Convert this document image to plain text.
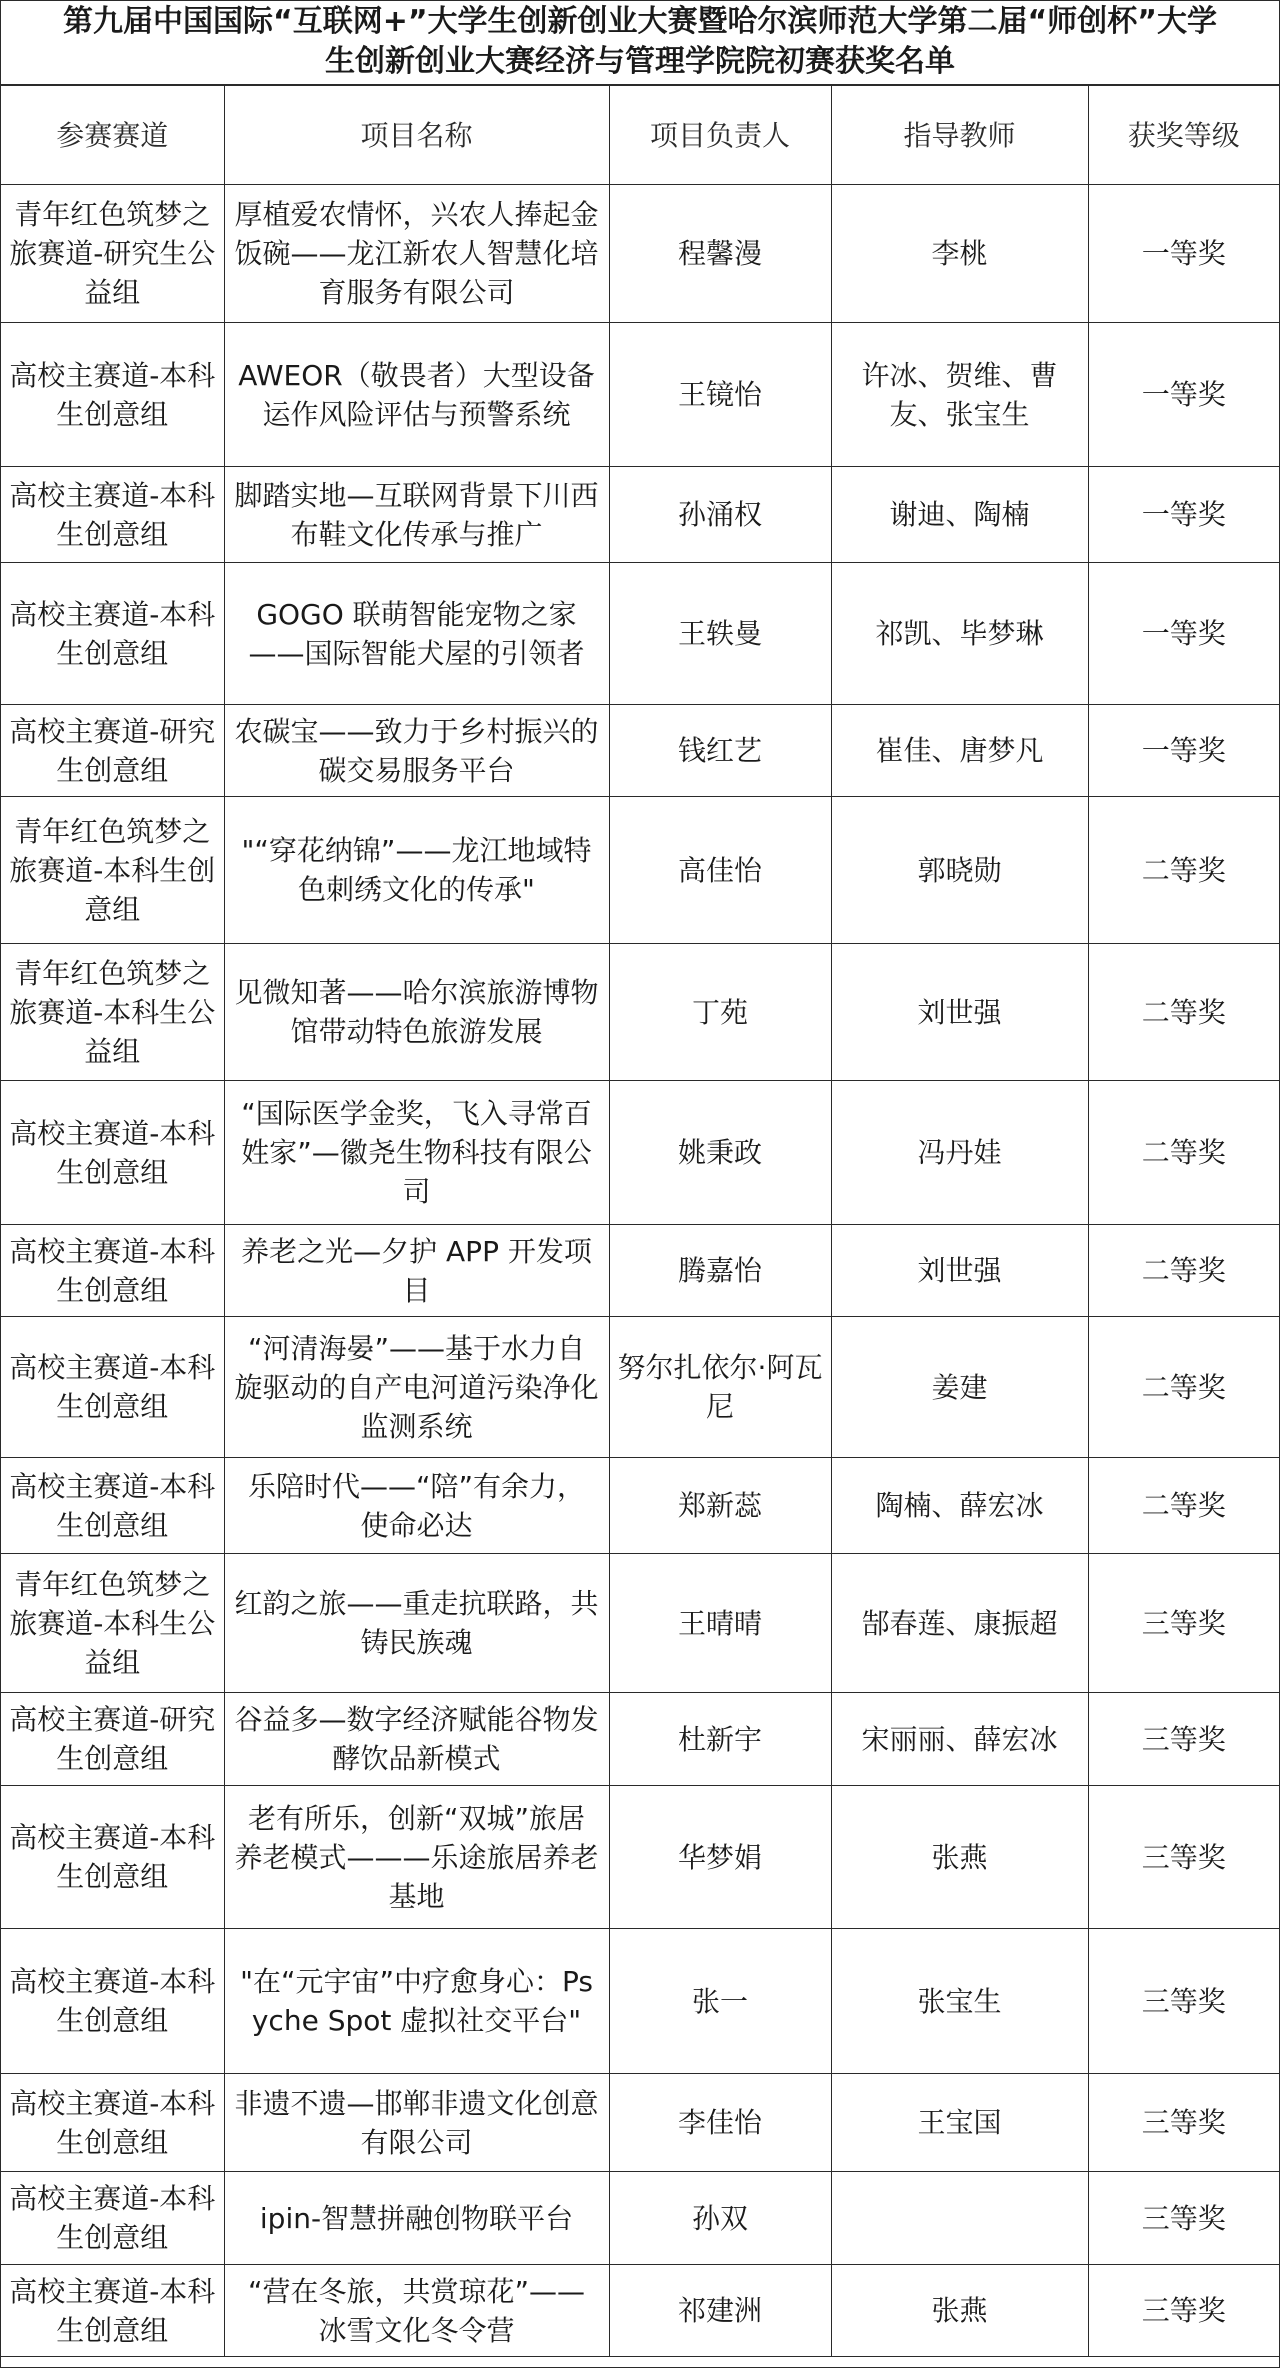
第九届中国国际“互联网+”大学生创新创业大赛暨哈尔滨师范大学第二届“师创杯”大学
生创新创业大赛经济与管理学院院初赛获奖名单
参赛赛道	项目名称	项目负责人	指导教师	获奖等级
青年红色筑梦之旅赛道-研究生公益组	厚植爱农情怀，兴农人捧起金饭碗——龙江新农人智慧化培育服务有限公司	程馨漫	李桃	一等奖
高校主赛道-本科生创意组	AWEOR（敬畏者）大型设备运作风险评估与预警系统	王镜怡	许冰、贺维、曹友、张宝生	一等奖
高校主赛道-本科生创意组	脚踏实地—互联网背景下川西布鞋文化传承与推广	孙涌权	谢迪、陶楠	一等奖
高校主赛道-本科生创意组	GOGO 联萌智能宠物之家——国际智能犬屋的引领者	王轶曼	祁凯、毕梦琳	一等奖
高校主赛道-研究生创意组	农碳宝——致力于乡村振兴的碳交易服务平台	钱红艺	崔佳、唐梦凡	一等奖
青年红色筑梦之旅赛道-本科生创意组	"“穿花纳锦”——龙江地域特色刺绣文化的传承"	高佳怡	郭晓勋	二等奖
青年红色筑梦之旅赛道-本科生公益组	见微知著——哈尔滨旅游博物馆带动特色旅游发展	丁苑	刘世强	二等奖
高校主赛道-本科生创意组	“国际医学金奖，飞入寻常百姓家”—徽尧生物科技有限公司	姚秉政	冯丹娃	二等奖
高校主赛道-本科生创意组	养老之光—夕护 APP 开发项目	腾嘉怡	刘世强	二等奖
高校主赛道-本科生创意组	“河清海晏”——基于水力自旋驱动的自产电河道污染净化监测系统	努尔扎依尔·阿瓦尼	姜建	二等奖
高校主赛道-本科生创意组	乐陪时代——“陪”有余力，使命必达	郑新蕊	陶楠、薛宏冰	二等奖
青年红色筑梦之旅赛道-本科生公益组	红韵之旅——重走抗联路，共铸民族魂	王晴晴	郜春莲、康振超	三等奖
高校主赛道-研究生创意组	谷益多—数字经济赋能谷物发酵饮品新模式	杜新宇	宋丽丽、薛宏冰	三等奖
高校主赛道-本科生创意组	老有所乐，创新“双城”旅居养老模式———乐途旅居养老基地	华梦娟	张燕	三等奖
高校主赛道-本科生创意组	"在“元宇宙”中疗愈身心：Psyche Spot 虚拟社交平台"	张一	张宝生	三等奖
高校主赛道-本科生创意组	非遗不遗—邯郸非遗文化创意有限公司	李佳怡	王宝国	三等奖
高校主赛道-本科生创意组	ipin-智慧拼融创物联平台	孙双		三等奖
高校主赛道-本科生创意组	“营在冬旅，共赏琼花”——冰雪文化冬令营	祁建洲	张燕	三等奖
